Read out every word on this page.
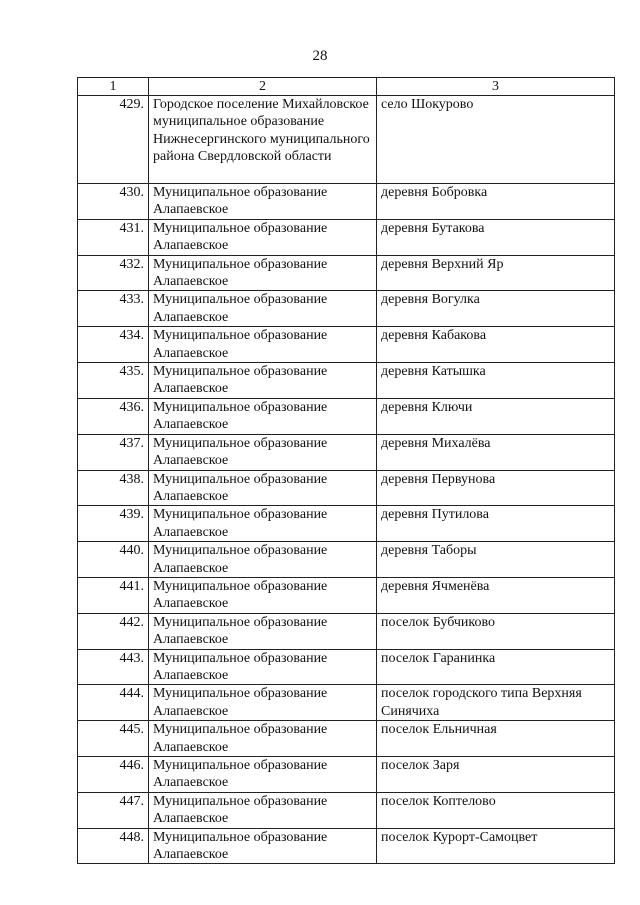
28
1	2	3
429.	Городское поселение Михайловское муниципальное образование Нижнесергинского муниципального района Свердловской области	село Шокурово
430.	Муниципальное образование Алапаевское	деревня Бобровка
431.	Муниципальное образование Алапаевское	деревня Бутакова
432.	Муниципальное образование Алапаевское	деревня Верхний Яр
433.	Муниципальное образование Алапаевское	деревня Вогулка
434.	Муниципальное образование Алапаевское	деревня Кабакова
435.	Муниципальное образование Алапаевское	деревня Катышка
436.	Муниципальное образование Алапаевское	деревня Ключи
437.	Муниципальное образование Алапаевское	деревня Михалёва
438.	Муниципальное образование Алапаевское	деревня Первунова
439.	Муниципальное образование Алапаевское	деревня Путилова
440.	Муниципальное образование Алапаевское	деревня Таборы
441.	Муниципальное образование Алапаевское	деревня Ячменёва
442.	Муниципальное образование Алапаевское	поселок Бубчиково
443.	Муниципальное образование Алапаевское	поселок Гаранинка
444.	Муниципальное образование Алапаевское	поселок городского типа Верхняя Синячиха
445.	Муниципальное образование Алапаевское	поселок Ельничная
446.	Муниципальное образование Алапаевское	поселок Заря
447.	Муниципальное образование Алапаевское	поселок Коптелово
448.	Муниципальное образование Алапаевское	поселок Курорт-Самоцвет
